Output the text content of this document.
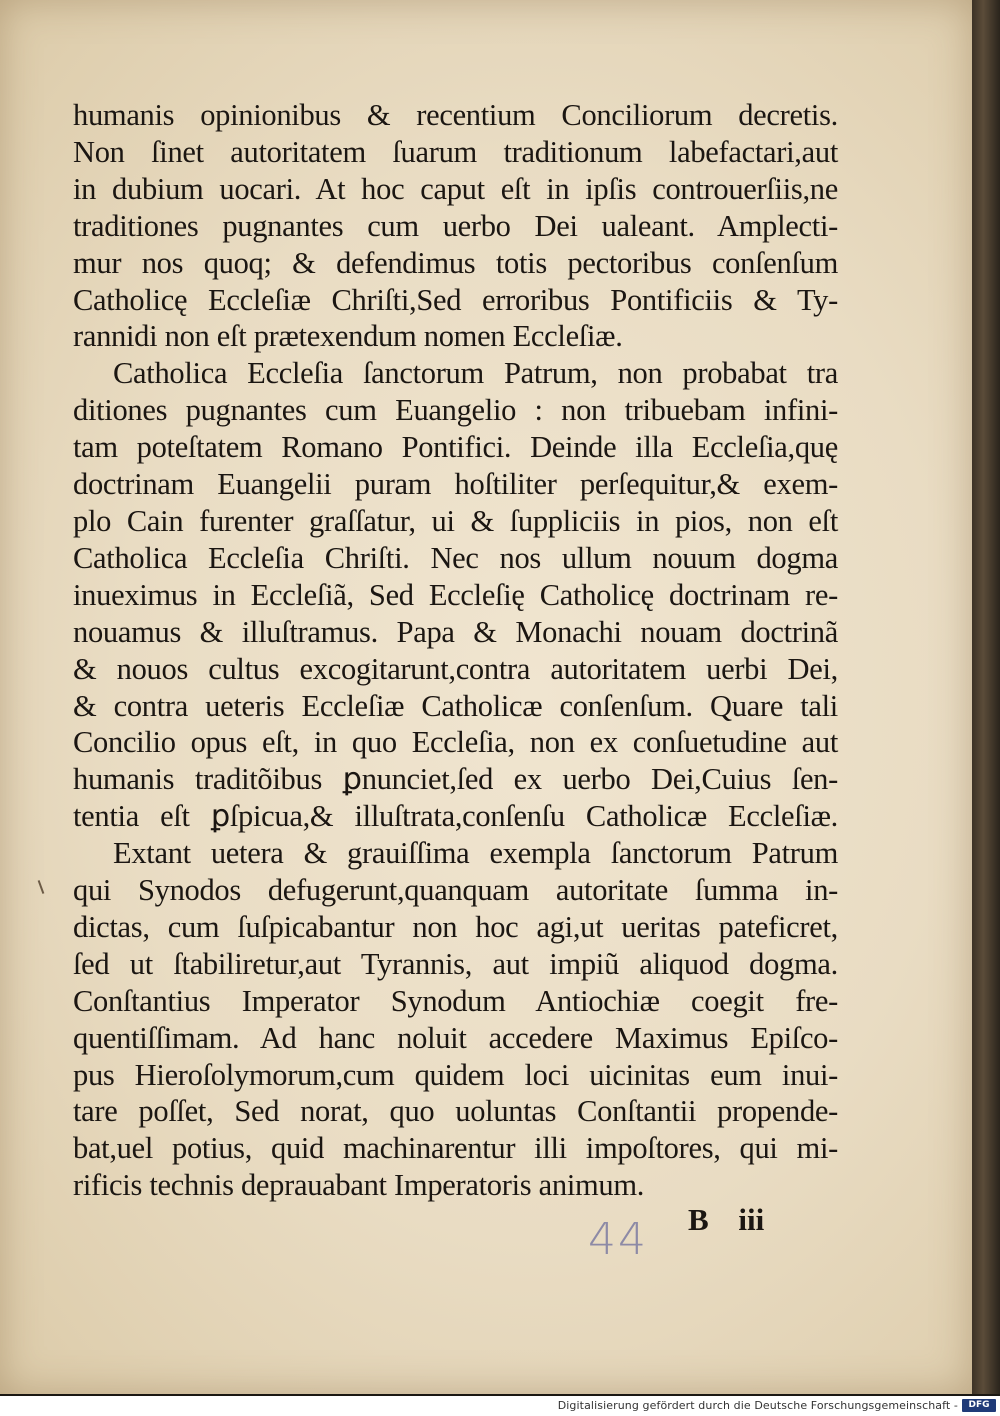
humanis opinionibus & recentium Conciliorum decretis.
Non ſinet autoritatem ſuarum traditionum labefactari,aut
in dubium uocari. At hoc caput eſt in ipſis controuerſiis,ne
traditiones pugnantes cum uerbo Dei ualeant. Amplecti-
mur nos quoq; & defendimus totis pectoribus conſenſum
Catholicę Eccleſiæ Chriſti,Sed erroribus Pontificiis & Ty-
rannidi non eſt prætexendum nomen Eccleſiæ.
Catholica Eccleſia ſanctorum Patrum, non probabat tra
ditiones pugnantes cum Euangelio : non tribuebam infini-
tam poteſtatem Romano Pontifici. Deinde illa Eccleſia,quę
doctrinam Euangelii puram hoſtiliter perſequitur,& exem-
plo Cain furenter graſſatur, ui & ſuppliciis in pios, non eſt
Catholica Eccleſia Chriſti. Nec nos ullum nouum dogma
inueximus in Eccleſiã, Sed Eccleſię Catholicę doctrinam re-
nouamus & illuſtramus. Papa & Monachi nouam doctrinã
& nouos cultus excogitarunt,contra autoritatem uerbi Dei,
& contra ueteris Eccleſiæ Catholicæ conſenſum. Quare tali
Concilio opus eſt, in quo Eccleſia, non ex conſuetudine aut
humanis traditõibus ꝑnunciet,ſed ex uerbo Dei,Cuius ſen-
tentia eſt ꝑſpicua,& illuſtrata,conſenſu Catholicæ Eccleſiæ.
Extant uetera & grauiſſima exempla ſanctorum Patrum
qui Synodos defugerunt,quanquam autoritate ſumma in-
dictas, cum ſuſpicabantur non hoc agi,ut ueritas pateficret,
ſed ut ſtabiliretur,aut Tyrannis, aut impiũ aliquod dogma.
Conſtantius Imperator Synodum Antiochiæ coegit fre-
quentiſſimam. Ad hanc noluit accedere Maximus Epiſco-
pus Hieroſolymorum,cum quidem loci uicinitas eum inui-
tare poſſet, Sed norat, quo uoluntas Conſtantii propende-
bat,uel potius, quid machinarentur illi impoſtores, qui mi-
rificis technis deprauabant Imperatoris animum.
44 B iii
Digitalisierung gefördert durch die Deutsche Forschungsgemeinschaft -	DFG
